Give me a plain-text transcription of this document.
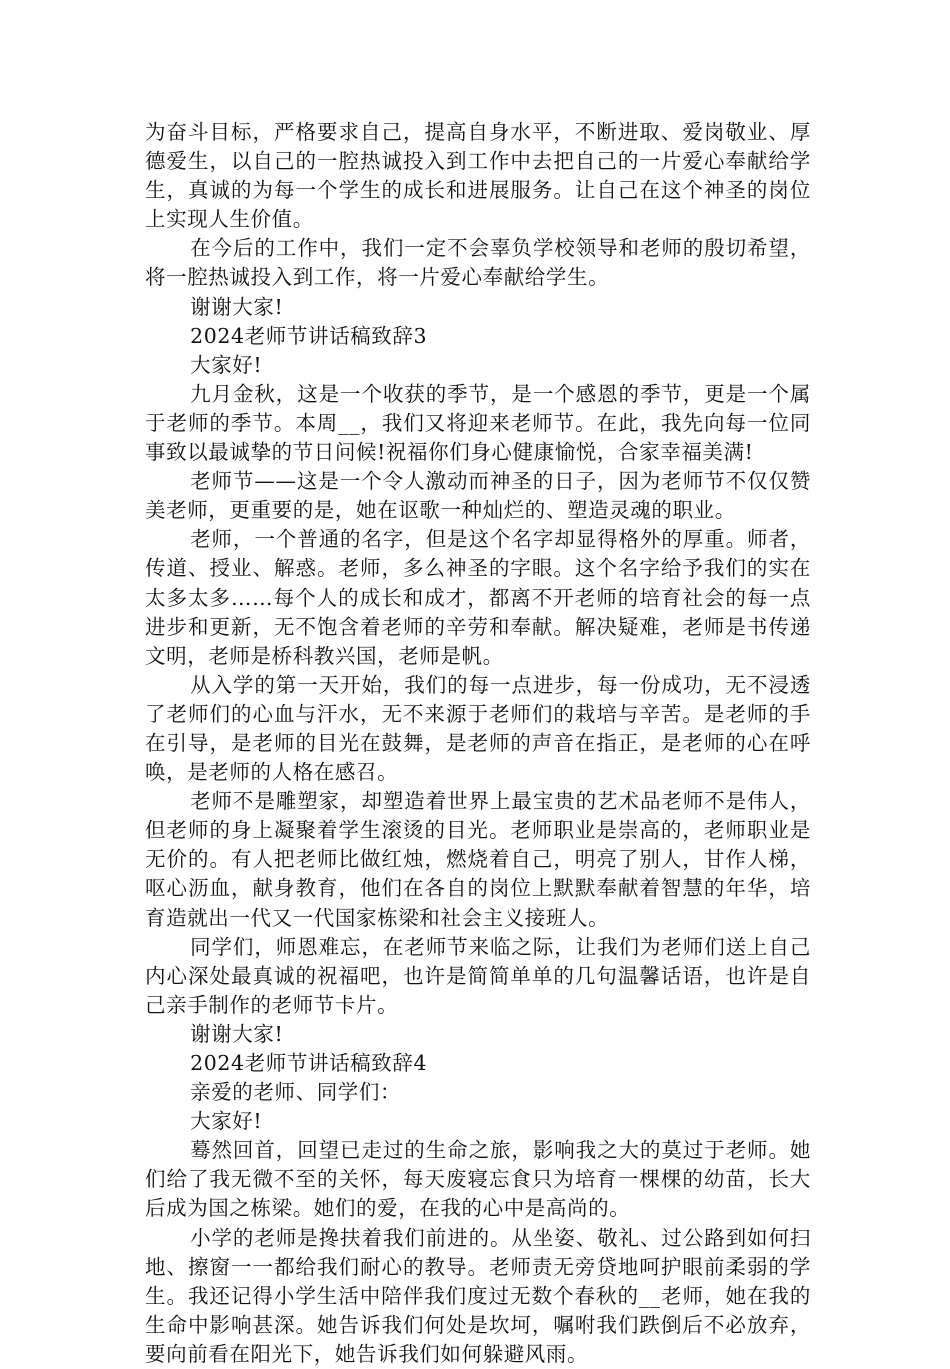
为奋斗目标，严格要求自己，提高自身水平，不断进取、爱岗敬业、厚德爱生，以自己的一腔热诚投入到工作中去把自己的一片爱心奉献给学生，真诚的为每一个学生的成长和进展服务。让自己在这个神圣的岗位上实现人生价值。

在今后的工作中，我们一定不会辜负学校领导和老师的殷切希望，将一腔热诚投入到工作，将一片爱心奉献给学生。

谢谢大家!

2024老师节讲话稿致辞3

大家好!

九月金秋，这是一个收获的季节，是一个感恩的季节，更是一个属于老师的季节。本周__，我们又将迎来老师节。在此，我先向每一位同事致以最诚挚的节日问候!祝福你们身心健康愉悦，合家幸福美满!

老师节——这是一个令人激动而神圣的日子，因为老师节不仅仅赞美老师，更重要的是，她在讴歌一种灿烂的、塑造灵魂的职业。

老师，一个普通的名字，但是这个名字却显得格外的厚重。师者，传道、授业、解惑。老师，多么神圣的字眼。这个名字给予我们的实在太多太多……每个人的成长和成才，都离不开老师的培育社会的每一点进步和更新，无不饱含着老师的辛劳和奉献。解决疑难，老师是书传递文明，老师是桥科教兴国，老师是帆。

从入学的第一天开始，我们的每一点进步，每一份成功，无不浸透了老师们的心血与汗水，无不来源于老师们的栽培与辛苦。是老师的手在引导，是老师的目光在鼓舞，是老师的声音在指正，是老师的心在呼唤，是老师的人格在感召。

老师不是雕塑家，却塑造着世界上最宝贵的艺术品老师不是伟人，但老师的身上凝聚着学生滚烫的目光。老师职业是崇高的，老师职业是无价的。有人把老师比做红烛，燃烧着自己，明亮了别人，甘作人梯，呕心沥血，献身教育，他们在各自的岗位上默默奉献着智慧的年华，培育造就出一代又一代国家栋梁和社会主义接班人。

同学们，师恩难忘，在老师节来临之际，让我们为老师们送上自己内心深处最真诚的祝福吧，也许是简简单单的几句温馨话语，也许是自己亲手制作的老师节卡片。

谢谢大家!

2024老师节讲话稿致辞4

亲爱的老师、同学们：

大家好!

蓦然回首，回望已走过的生命之旅，影响我之大的莫过于老师。她们给了我无微不至的关怀，每天废寝忘食只为培育一棵棵的幼苗，长大后成为国之栋梁。她们的爱，在我的心中是高尚的。

小学的老师是搀扶着我们前进的。从坐姿、敬礼、过公路到如何扫地、擦窗一一都给我们耐心的教导。老师责无旁贷地呵护眼前柔弱的学生。我还记得小学生活中陪伴我们度过无数个春秋的__老师，她在我的生命中影响甚深。她告诉我们何处是坎坷，嘱咐我们跌倒后不必放弃，要向前看在阳光下，她告诉我们如何躲避风雨。
